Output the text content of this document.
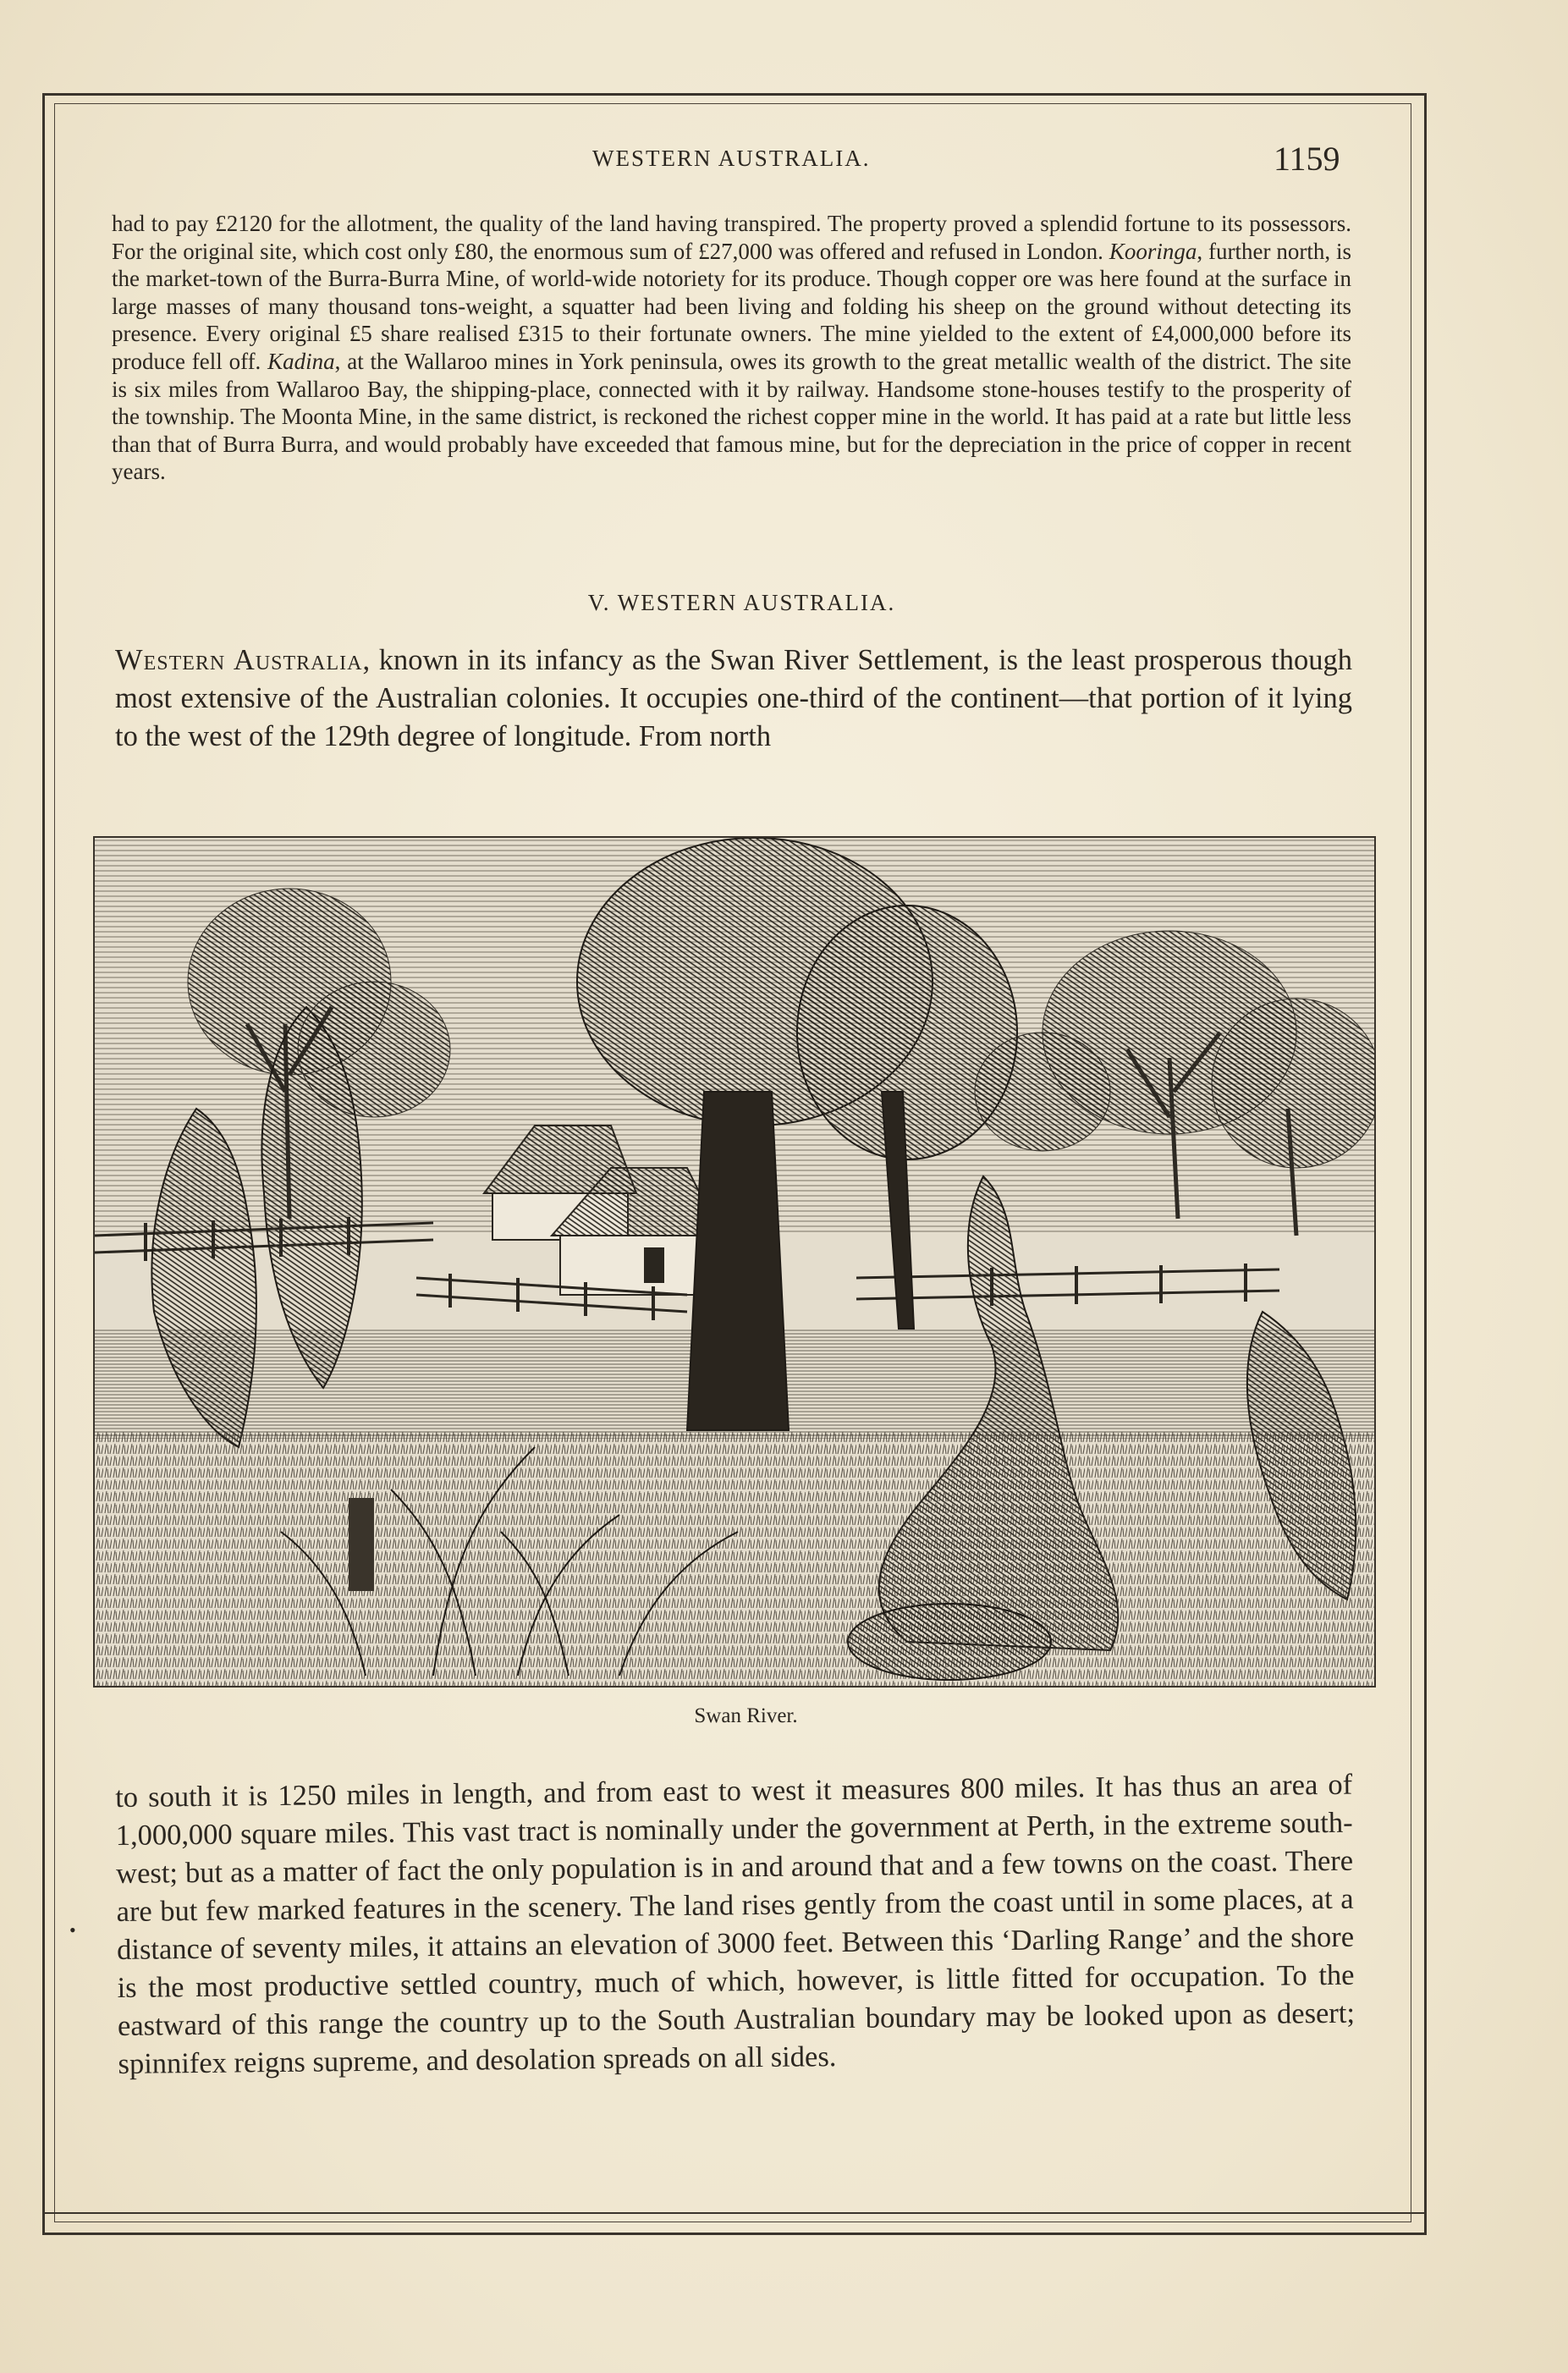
WESTERN AUSTRALIA.	1159

had to pay £2120 for the allotment, the quality of the land having transpired. The property proved a splendid fortune to its possessors. For the original site, which cost only £80, the enormous sum of £27,000 was offered and refused in London. Kooringa, further north, is the market-town of the Burra-Burra Mine, of world-wide notoriety for its produce. Though copper ore was here found at the surface in large masses of many thousand tons-weight, a squatter had been living and folding his sheep on the ground without detecting its presence. Every original £5 share realised £315 to their fortunate owners. The mine yielded to the extent of £4,000,000 before its produce fell off. Kadina, at the Wallaroo mines in York peninsula, owes its growth to the great metallic wealth of the district. The site is six miles from Wallaroo Bay, the shipping-place, connected with it by railway. Handsome stone-houses testify to the prosperity of the township. The Moonta Mine, in the same district, is reckoned the richest copper mine in the world. It has paid at a rate but little less than that of Burra Burra, and would probably have exceeded that famous mine, but for the depreciation in the price of copper in recent years.

V. WESTERN AUSTRALIA.

Western Australia, known in its infancy as the Swan River Settlement, is the least prosperous though most extensive of the Australian colonies. It occupies one-third of the continent—that portion of it lying to the west of the 129th degree of longitude. From north

Swan River.
•

to south it is 1250 miles in length, and from east to west it measures 800 miles. It has thus an area of 1,000,000 square miles. This vast tract is nominally under the government at Perth, in the extreme south-west; but as a matter of fact the only population is in and around that and a few towns on the coast. There are but few marked features in the scenery. The land rises gently from the coast until in some places, at a distance of seventy miles, it attains an elevation of 3000 feet. Between this ‘Darling Range’ and the shore is the most productive settled country, much of which, however, is little fitted for occupation. To the eastward of this range the country up to the South Australian boundary may be looked upon as desert; spinnifex reigns supreme, and desolation spreads on all sides.
